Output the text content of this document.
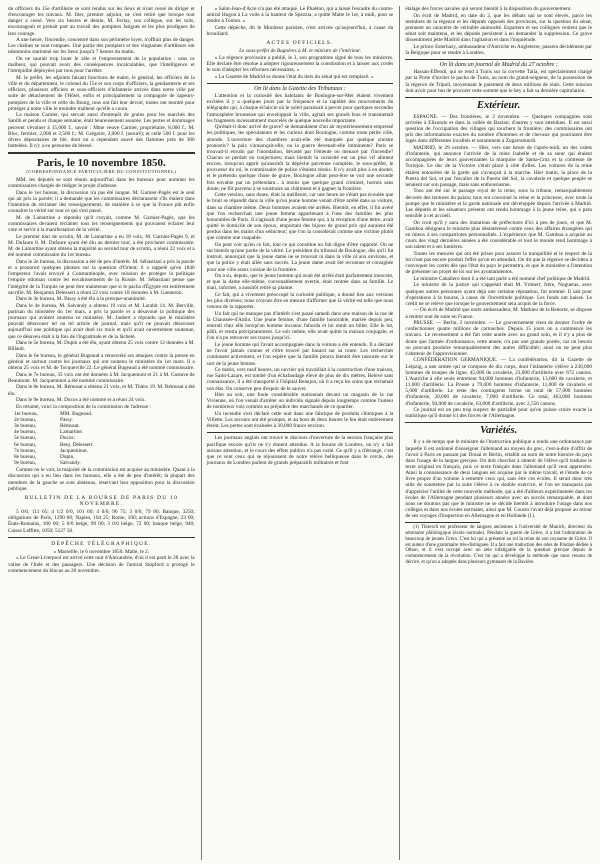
du officiers du 15e d'artillerie se sont rendus sur les lieux et n'ont cessé de diriger et d'encourager les travaux. M. Itier, premier adjoint, ne s'est retiré que lorsque tout danger a cessé. Vers six heures et demie, M. Ferlay, son collègue, sur les toits, encourageait et prenait part au travail des pompiers fatigués et les plus prodigues de leur courage.

A une heure, l'incendie, concentré dans son périmètre loyer, n'offrait plus de danger. Les chaînes se sont rompues. Une partie des pompiers et des vingtaines d'artilleurs ont néanmoins stationné sur les lieux jusqu'à 7 heures du matin.

On ne saurait trop louer le zèle et l'empressement de la population : sans ce malheur, qui pouvait avoir des conséquences incalculables, que l'intelligence et l'intrépidité déployées par tous pour l'arrêter.

M. le préfet, les adjoints faisant fonctions de maire, le général, les officiers de la ville et du département, le colonel du 15e et son corps d'officiers, la gendarmerie et ses officiers, plusieurs officiers et sous-officiers d'infanterie arrivés dans notre ville par suite de détachement de l'Hôtel, enfin et principalement la compagnie de sapeurs-pompiers de la ville et celle du Bourg, tous ont fait leur devoir, toutes ont montré pour protéger à notre ville le moindre malheur qu'elle a couru.

La maison Carnier, qui servait aussi d'entrepôt de grains pour les marchés des Sanilh et pendu et chaque semaine, était heureusement assurée. Les pertes et dommages peuvent s'évaluer à 15,000 f., savoir : Mme veuve Carnier, propriétaire, 8,000 f.; M. Bloc, fermier, 2,000 et 2,500 f.; M. Grégoire, 2,000 f. (assuré); et celle 500 f. pour les divers dépositaires de blé, dont on a cependant sauvé des flammes près de 300 bottelées. Il n'y a eu personne de blessé.

Paris, le 10 novembre 1850.
(CORRESPONDANCE PARTICULIÈRE DU CONSTITUTIONNEL)

MM. les députés se sont réunis aujourd'hui dans les bureaux pour nommer les commissaires chargés de rédiger le projet d'adresse.

Dans le 1er bureau, la discussion n'a pas été longue. M. Garnier-Pagès est le seul qui ait pris la parole; il a demandé que les commissaires déclarassent s'ils étaient dans l'intention de réclamer des renseignements, de manière à ce que la France pût enfin connaître la vérité sur tout ce qui s'est passé.

M. de Lamartine a répondu qu'il croyait, comme M. Garnier-Pagès, que les commissaires devaient réclamer tous les renseignements qui pouvaient éclairer leur vote et servir à la manifestation de la vérité.

Le premier tour de scrutin, M. de Lamartine a eu 18 voix, M. Garnier-Pagès 9, et M. Dufaure 8. M. Dufaure ayant été élu au dernier tour, a été proclamé commissaire. M. de Lamartine ayant obtenu la majorité au second tour de scrutin, a réuni 22 voix et a été nommé commissaire du 1er bureau.

Dans le 2e bureau, la discussion a été de peu d'intérêt. M. Sébastiani a pris la parole et a prononcé quelques phrases sur la question d'Orient; il a rappelé qu'en 1840 l'empereur l'avait envoyé à Constantinople, avec mission de protéger la politique l'empire ottoman contre les envahissements de la Russie. M. Sébastiani pense que l'intégrité de la Turquie ne peut être maintenue que si le pacha d'Égypte est entièrement sacrifié. M. Benjamin Delessert a réuni 22 voix contre 18 données à M. Ganneron.

Dans le 3e bureau, M. Passy a été élu à la presque-unanimité.

Dans le 4e bureau, M. Salvandy a obtenu 19 voix et M. Larabit 14. M. Berville, partisan du ministère du 1er mars, a pris la parole et a désavoué la politique des journaux qui avaient soutenu ce ministère. M. Jaubert a répondu que le ministère pouvait désavouer tel ou tel article de journal, mais qu'il ne pouvait désavouer aujourd'hui une politique qui avait duré six mois et qu'il avait ouvertement soutenue, que ce désaveu était à la fois de l'ingratitude et de la lâcheté.

Dans le 5e bureau, M. Dupin a été élu, ayant obtenu 25 voix contre 12 données à M. Billault.

Dans le 6e bureau, le général Bugeaud a renouvelé ses attaques contre la presse en général et surtout contre les journaux qui ont soutenu le ministère du 1er mars. Il a obtenu 25 voix et M. de Tocqueville 22. Le général Bugeaud a été nommé commissaire.

Dans le 7e bureau, 35 voix ont été données à M. Jacquemont et 21 à M. Gustave de Beaumont. M. Jacqueminot a été nommé commissaire.

Dans le 8e bureau, M. Rémusat a obtenu 21 voix, et M. Thiers 19. M. Rémusat a été élu.

Dans le 9e bureau, M. Ducos a été nommé et a réuni 24 voix.

En résumé, voici la composition de la commission de l'adresse :

1er bureau,	MM. Bugeaud.
2e bureau,	Passy.
3e bureau,	Rémusat.
4e bureau,	Lamartine.
5e bureau,	Ducos.
6e bureau,	Benj. Delessert.
7e bureau,	Jacqueminot.
8e bureau,	Dupin.
9e bureau,	Salvandy.

Comme on le voit, la majorité de la commission est acquise au ministère. Quant à la discussion qui a eu lieu dans les bureaux, elle a été de peu d'intérêt; la plupart des membres de la gauche se sont abstenus, réservant leur opposition pour la discussion publique.

BULLETIN DE LA BOURSE DE PARIS DU 10 NOVEMBRE.

5 0/0, 111 65; 4 1/2 0/0, 101 60; 4 0/0, 96 75; 3 0/0, 79 80; Banque, 3250; obligations de Paris, 1290 00; Naples, 104 25; Rome, 100; actions d'Espagne, 23 00; États-Romains, 100 00; 5 0/0 belge, 99 00; 3 0/0 belge, 72 00; banque belge, 940; Caisse Laffitte, 1050; 5127 50.

DÉPÊCHE TÉLÉGRAPHIQUE.

« Marseille, le 6 novembre 1850. Malte, le 2.

« Le Great-Liverpool est arrivé cette nuit d'Alexandrie, d'où il est parti le 28 avec la valise de l'Inde et des passagers. Une décision de l'amiral Stopford a prorogé le commencement du blocus au 20 novembre.

« Saint-Jean-d'Acre n'a pas été attaqué. Le Phaëton, qui a laissé l'escadre du contre-amiral Hugon à La voile à la hauteur de Spezzia, a quitté Malte le 1er, à midi, pour se rendre à Toulon. »

Cette dépêche, dit le Moniteur parisien, n'est arrivée qu'aujourd'hui, à cause du brouillard.

ACTES OFFICIELS.

Le sous-préfet de Bagnères à M. le ministre de l'intérieur.

« La régence provisoire a publié, le 3, son programme signé de tous les ministres. Elle déclare être résolue à adopter rigoureusement la constitution et à laisser aux cortès le soin d'adopter les réformes nécessaires. »

« La Gazette de Madrid se donne l'état du tiers du sénat qui est remplacé. »

On lit dans la Gazette des Tribunaux :

L'attention et la curiosité des habitants de Boulogne-sur-Mer étaient vivement excitées il y a quelques jours par la fréquence et la rapidité des mouvements du télégraphe qui, à chaque éclaircie où le soleil paraissait à percer pour quelques secondes l'atmosphère brumeuse qui enveloppait la ville, agitait ses grands bras et transmettait les fragments incessamment morcelés de quelque nouvelle importante.

Qu'était-il donc arrivé de grave? se demandaient d'un air mystérieusement empressé les politiques, les spéculateurs et les curieux dont Boulogne, comme toute petite ville, abonde. L'ouverture des chambres avait-elle été marquée par quelque sinistre pronostic? la paix s'annonçait-elle, ou la guerre devenait-elle imminente? Paris se trouvait-il envahi par l'inondation, dévasté par l'émeute ou menacé par l'incendie? Chacun se perdait en conjectures; mais bientôt la curiosité eut un plus vif aliment encore, lorsqu'on apprit qu'aussitôt la dépêche parvenue complète, le sous-préfet, le procureur du roi, le commissaire de police s'étaient réunis. Il n'y avait plus à en douter, et le prétendu quelque chose de grave, Boulogne allait peut-être se voir une seconde fois envahie par un prétendant... à moins que quelque grand criminel, hormis sans doute, ne fût parvenu à se soustraire au châtiment et à gagner la frontière.

Cette version, sans doute, était la meilleure, car une heure ne s'était pas écoulée que le bruit se répandit dans la ville qu'un jeune homme venait d'être arrêté dans sa voiture, dans sa chambre même. Deux hommes avaient été arrêtés. Bientôt, en effet, il fut avéré que l'on recherchait une jeune femme appartenant à l'une des familles les plus honorables de Paris. Il s'agissait d'une jeune femme qui, à la réception d'une lettre, avait quitté le domicile de son époux, emportant des bijoux de grand prix qui auraient été perdus dans les mains d'un séducteur; que l'on la considérait comme une victime plutôt que comme une coupable.

On peut voir qu'en ce fait, tout ce qui constitue un fait digne d'être rapporté. On ne sut bientôt qu'une partie de la vérité. Le président du tribunal de Boulogne, dès qu'il fut instruit, annonçait que la jeune dame ne se trouvait ni dans la ville ni aux environs, et que la police y était allée sans succès. La jeune dame avait été reconnue et consignée pour une ville assez voisine de la frontière.

On a su, depuis, que le jeune homme qui avait été arrêté était parfaitement innocent, et que la dame elle-même, convenablement avertie, était rentrée dans sa famille. Le mari, informé, a aussitôt retiré sa plainte.

Ce fait, qui a vivement préoccupé la curiosité publique, a donné lieu aux versions les plus diverses; nous croyons être en mesure d'affirmer que la vérité est telle que nous venons de la rapporter.

Un fait qui ne manque pas d'intérêt s'est passé samedi dans une maison de la rue de la Chaussée-d'Antin. Une jeune femme, d'une famille honorable, mariée depuis peu, rentrait chez elle lorsqu'un homme inconnu l'aborda et lui remit un billet. Elle le lut, pâlit, et rentra précipitamment. Le soir même, elle avait quitté la maison conjugale, et l'on n'a pu retrouver ses traces jusqu'ici.

Le jeune homme qui l'avait accompagnée dans la voiture a été entendu. Il a déclaré ne l'avoir jamais connue et s'être trouvé par hasard sur sa route. Les recherches continuent activement, et l'on espère que la famille pourra bientôt être rassurée sur le sort de la jeune femme.

Ce matin, vers neuf heures, un ouvrier qui travaillait à la construction d'une maison, rue Saint-Lazare, est tombé d'un échafaudage élevé de plus de dix mètres. Relevé sans connaissance, il a été transporté à l'hôpital Beaujon, où il a reçu les soins que réclamait son état. On conserve peu d'espoir de le sauver.

Hier au soir, une foule considérable stationnait devant un magasin de la rue Vivienne, où l'on venait d'arrêter un individu signalé depuis longtemps comme l'auteur de nombreux vols commis au préjudice des marchands de ce quartier.

Un incendie s'est déclaré cette nuit dans une fabrique de produits chimiques à la Villette. Les secours ont été prompts, et au bout de deux heures le feu était entièrement éteint. Les pertes sont évaluées à 30,000 francs environ.

Les journaux anglais ont trouvé le discours d'ouverture de la session française plus pacifique encore qu'ils ne s'y étaient attendus. A la bourse de Londres, on n'y a fait aucune attention, et le cours des effets publics n'a pas varié. Ce qu'il y a d'étrange, c'est que ce sont ceux qui se réjouissent de notre rélève belliqueuse dans le cercle, des journaux de Londres parlent de grands préparatifs militaires et font

étalage des forces navales qui seront bientôt à la disposition du gouvernement.

On écrit de Madrid, en date du 2, que les débats qui se sont élevés, parce les membres de la régence et les députés opposés des provinces, sur la question du sénat, prennent un caractère de véritable animosité. Espartero et ses collègues veulent que le sénat soit maintenu, et les députés persistent à en demander la suppression. Ce grave dissentiment jette Madrid dans l'agitation et dans l'inquiétude.

Le prince Esterhazy, ambassadeur d'Autriche en Angleterre, passera décidément par la Belgique pour se rendre à Londres.

On lit dans un journal de Madrid du 27 octobre :

Hassan-Effendi, qui se rend à Tunis sur la corvette Talia, est spécialement chargé par la Porte d'inviter le pacha de Tunis, au nom du grand-seigneur, de la possession de la régence de Tripoli, moyennant le paiement de deux millions de réals. Cette mission doit avoir pour but de procurer cette somme que le bey a fait sa dernière capitulation.

Extérieur.

ESPAGNE. — Des frontières, le 2 novembre. — Quelques compagnies sont arrivées à Elizondo et dans la vallée de Baztan; d'autres y sont attendues. Il est aussi question de l'occupation des villages qui touchent la frontière; des commissaires ont pris des informations exactes du nombre d'hommes et de chevaux qui pourraient être logés dans différentes localités et notamment à Zugarramurdi.

MADRID, le 29 octobre. — Hier, vers une heure de l'après-midi, un des valets d'infanterie, qui annonce l'arrivée de la reine Isabelle et de sa sœur qui étaient accompagnées de leurs gouvernantes la marquise de Santa-Cruz et la comtesse de Torrejon. Le duc de la Victoire s'était placé à côté d'elles. Les voitures de la reine étaient entourées de la garde qui s'avançait à la marche. Hier matin, la place de la Puerta del Sol, et par l'escalier de la Puerta del Sol, la cavalerie et quelque peuple se tenaient sur son passage, mais sans enthousiasme.

Tous ont été sur le passage royal de la reine, sous la tribune, remarquablement décorée des tentures du palais; tous ont couronné la reine et la princesse, avec toute la pompe que le ministère et la garde nationale ont développée depuis l'arrivée à Madrid. Les députés et les sénateurs présents ont rendu hommage à la jeune reine, qui a paru sensible à cet accueil.

On croit qu'il y aura des mutations de préfectures d'ici à peu de jours, et que M. Gamboa désignera le ministre plus désintéressé contre ceux des affaires étrangères qui en mieux à ses compatriotes personnalités. L'expérience que M. Gamboa a acquise au cours des vingt dernières années a été considérable et tout le monde rend hommage à son talent et à ses lumières.

Toutes les mesures qui ont été prises pour assurer la tranquillité et le respect de la loi n'ont pas encore produit l'effet qu'on en attendait. On dit que la régence se décidera à convoquer les cortès dès que l'état du pays le permettra, et que le ministère a l'intention de présenter un projet de loi sur les ayuntamientos.

Le ministre Caballero dont il a été tant parlé a été nommé chef politique de Madrid.

Le ministre de la justice qui s'appelait était M. Ymbert, frère, Nogueras, avec quelques autres personnes ayant déjà une certaine réputation, fut nommé. Il sait pour d'opérations à la bourse, à cause de l'incertitude politique. Les fonds ont baissé. Le crédit ne se relève que lorsque le gouvernement sera acquis de la force.

— On écrit de Madrid que notre ambassadeur, M. Mathieu de la Redorte, se dispose à rentrer tout de suite en France.

PRUSSE. — Berlin, 2 novembre. — Le gouvernement vient de donner l'ordre de confectionner quatre millions de cartouches. Depuis 15 jours on a commencé les travaux. Le recensement a été fait cette année avec un grand soin, et il n'y a plus de doute que l'armée d'ordonnance, cette année, n'a pas une grande portée, car un besoin ou pouvant produire remarquablement des autres difficultés; ainsi on ne peut plus s'abstenir de l'approvisionner.

CONFÉDÉRATION GERMANIQUE. — La confédération, dit la Gazette de Leipzig, a une armée qui se compose de dix corps, dont l'infanterie s'élève à 230,000 hommes de troupes de ligne, 45,000 de cavalerie, 23,000 d'artillerie avec 672 canons. L'Autriche à elle seule entretient 94,000 hommes d'infanterie, 13,600 de cavalerie, et 11,000 d'artillerie. La Prusse a 79,000 hommes d'infanterie, 11,000 de cavalerie et 5,000 d'artillerie. Le reste des contingents forme un total de 57,000 hommes d'infanterie, 20,000 de cavalerie, 7,000 d'artillerie. Ce total, 463,000 hommes d'infanterie, 94,000 de cavalerie, 63,000 d'artillerie, avec 2,556 canons.

Ce journal est un peu trop suspect de partialité pour qu'on puisse croire exacte la statistique qu'il donne ici des forces de l'Allemagne.

Variétés.

Il y a de temps que le ministre de l'instruction publique a rendu une ordonnance par laquelle il est ordonné d'enseigner l'allemand au moyen du grec, c'est-à-dire d'offrir de l'avoir à Paris en passant par Douai et Berlin, rétablit au nom de notre histoire du pays dans l'usage de la langue grecque. On doit chercher à obtenir de l'élève qu'il traduise le texte original en français, puis ce texte français dans l'allemand qu'il veut apprendre. Ainsi la connaissance de deux langues est acquise par le même travail, et l'étude de ce livre propre d'un volume à remettre ceux qui, sans être ces écoles. Il serait donc très utile de soumettre par la suite l'élève à ce double exercice, et l'on ne manquera pas d'apprécier l'utilité de cette nouvelle méthode, qui a été d'ailleurs expérimentée dans les écoles de l'Allemagne pendant plusieurs années avec un succès remarquable, et dont nous ne doutons pas que le ministre ne se décide bientôt à introduire l'usage dans nos collèges et dans nos écoles normales, ainsi que M. Cousin l'avait déjà proposé au retour de ses voyages d'inspection en Allemagne et en Hollande (1).

(1) Thiersch est professeur de langues anciennes à l'université de Munich, directeur du séminaire philologique (école normale). Pendant la guerre de Grèce, il a fait l'admiration de beaucoup de jeunes Grecs. C'est lui qui a présenté au roi la reine de son royaume de Grèce. Il est auteur d'une grammaire très-distinguée. Il a fait une traduction des odes de Pindare dédiée à Othon, et il s'est occupé avec un zèle infatigable de la question grecque depuis le commencement de la révolution. C'est lui qui a développé la méthode que nous venons de décrire, et qu'on a adoptée dans plusieurs gymnases de la Bavière.
